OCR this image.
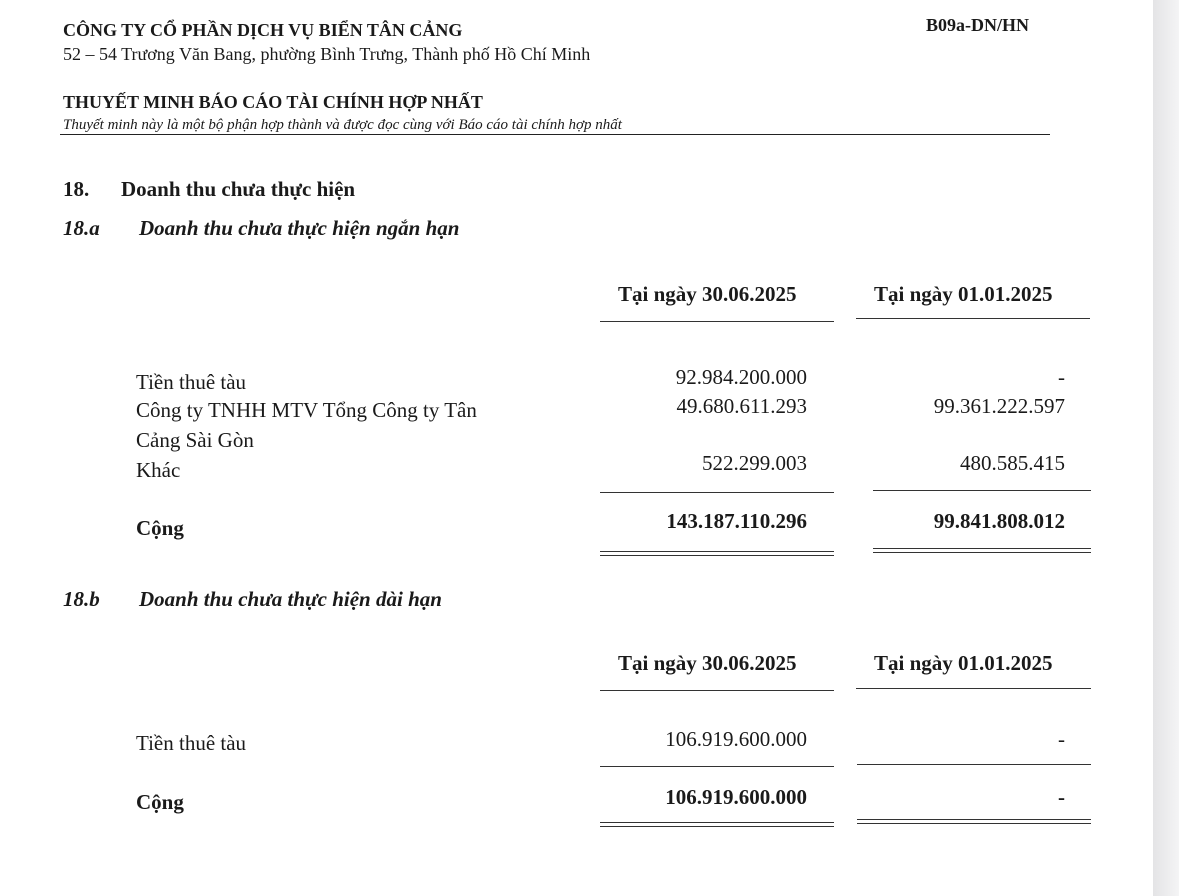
CÔNG TY CỔ PHẦN DỊCH VỤ BIỂN TÂN CẢNG
52 – 54 Trương Văn Bang, phường Bình Trưng, Thành phố Hồ Chí Minh
B09a-DN/HN
THUYẾT MINH BÁO CÁO TÀI CHÍNH HỢP NHẤT
Thuyết minh này là một bộ phận hợp thành và được đọc cùng với Báo cáo tài chính hợp nhất
18. Doanh thu chưa thực hiện
18.a Doanh thu chưa thực hiện ngắn hạn
Tại ngày 30.06.2025	Tại ngày 01.01.2025
Tiền thuê tàu	92.984.200.000	-
Công ty TNHH MTV Tổng Công ty Tân
Cảng Sài Gòn
49.680.611.293	99.361.222.597
Khác	522.299.003	480.585.415
Cộng	143.187.110.296	99.841.808.012
18.b Doanh thu chưa thực hiện dài hạn
Tại ngày 30.06.2025	Tại ngày 01.01.2025
Tiền thuê tàu	106.919.600.000	-
Cộng	106.919.600.000	-
